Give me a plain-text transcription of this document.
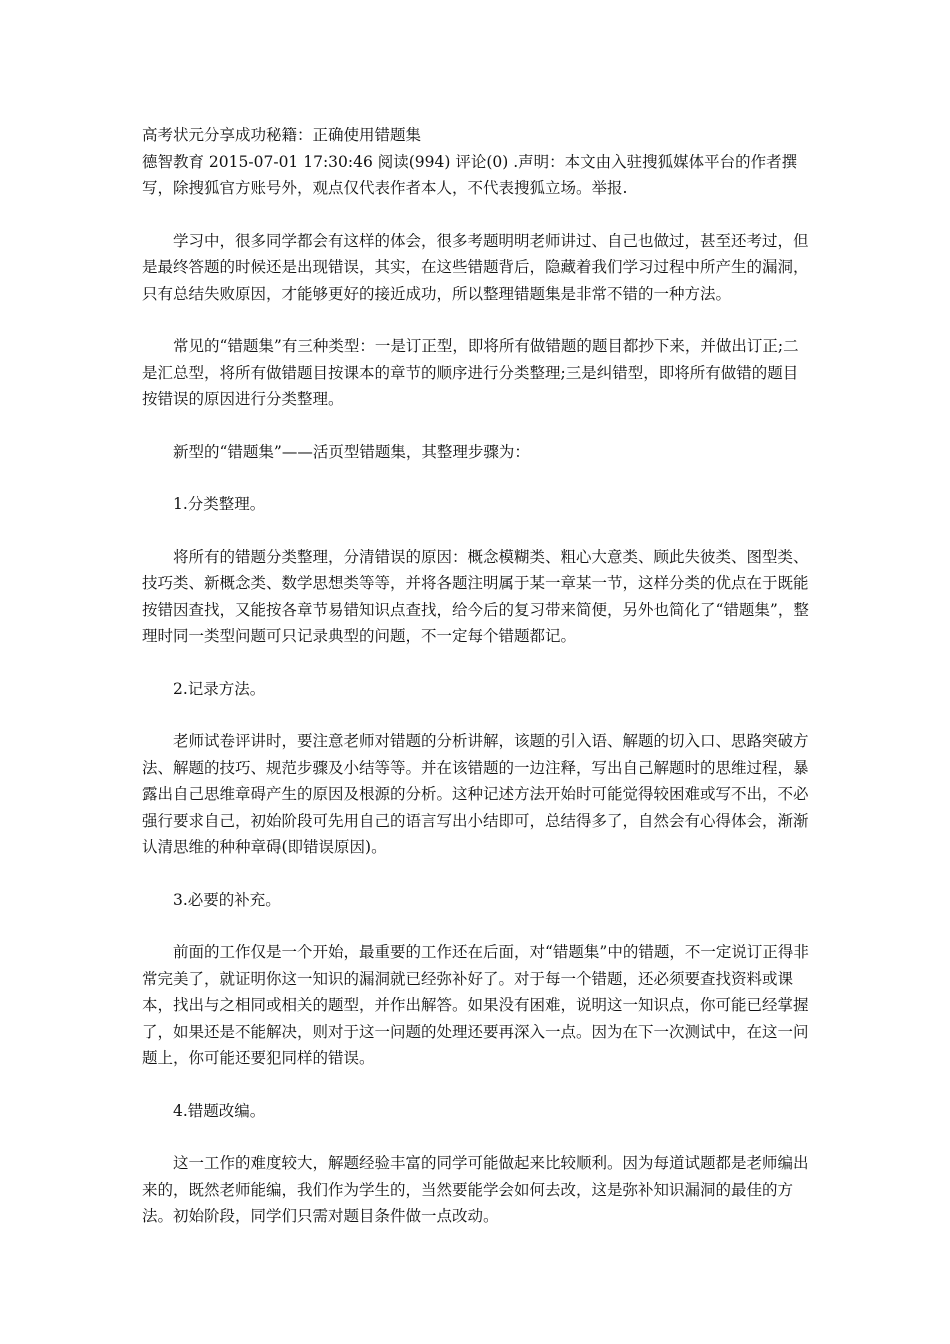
高考状元分享成功秘籍：正确使用错题集

德智教育 2015-07-01 17:30:46 阅读(994) 评论(0) .声明：本文由入驻搜狐媒体平台的作者撰写，除搜狐官方账号外，观点仅代表作者本人，不代表搜狐立场。举报.

学习中，很多同学都会有这样的体会，很多考题明明老师讲过、自己也做过，甚至还考过，但是最终答题的时候还是出现错误，其实，在这些错题背后，隐藏着我们学习过程中所产生的漏洞，只有总结失败原因，才能够更好的接近成功，所以整理错题集是非常不错的一种方法。

常见的“错题集”有三种类型：一是订正型，即将所有做错题的题目都抄下来，并做出订正;二是汇总型，将所有做错题目按课本的章节的顺序进行分类整理;三是纠错型，即将所有做错的题目按错误的原因进行分类整理。

新型的“错题集”——活页型错题集，其整理步骤为：

1.分类整理。

将所有的错题分类整理，分清错误的原因：概念模糊类、粗心大意类、顾此失彼类、图型类、技巧类、新概念类、数学思想类等等，并将各题注明属于某一章某一节，这样分类的优点在于既能按错因查找，又能按各章节易错知识点查找，给今后的复习带来简便，另外也简化了“错题集”，整理时同一类型问题可只记录典型的问题，不一定每个错题都记。

2.记录方法。

老师试卷评讲时，要注意老师对错题的分析讲解，该题的引入语、解题的切入口、思路突破方法、解题的技巧、规范步骤及小结等等。并在该错题的一边注释，写出自己解题时的思维过程，暴露出自己思维章碍产生的原因及根源的分析。这种记述方法开始时可能觉得较困难或写不出，不必强行要求自己，初始阶段可先用自己的语言写出小结即可，总结得多了，自然会有心得体会，渐渐认清思维的种种章碍(即错误原因)。

3.必要的补充。

前面的工作仅是一个开始，最重要的工作还在后面，对“错题集”中的错题，不一定说订正得非常完美了，就证明你这一知识的漏洞就已经弥补好了。对于每一个错题，还必须要查找资料或课本，找出与之相同或相关的题型，并作出解答。如果没有困难，说明这一知识点，你可能已经掌握了，如果还是不能解决，则对于这一问题的处理还要再深入一点。因为在下一次测试中，在这一问题上，你可能还要犯同样的错误。

4.错题改编。

这一工作的难度较大，解题经验丰富的同学可能做起来比较顺利。因为每道试题都是老师编出来的，既然老师能编，我们作为学生的，当然要能学会如何去改，这是弥补知识漏洞的最佳的方法。初始阶段，同学们只需对题目条件做一点改动。
